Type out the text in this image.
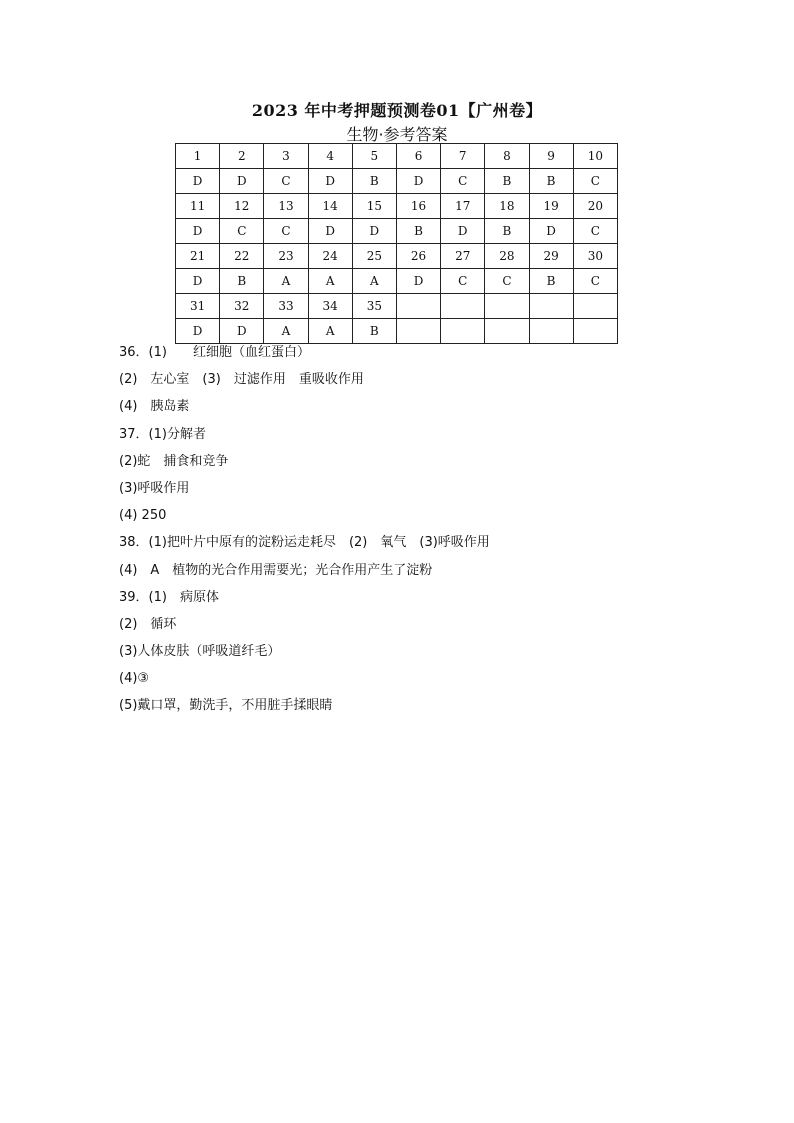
2023 年中考押题预测卷01【广州卷】
生物·参考答案
1	2	3	4	5	6	7	8	9	10
D	D	C	D	B	D	C	B	B	C
11	12	13	14	15	16	17	18	19	20
D	C	C	D	D	B	D	B	D	C
21	22	23	24	25	26	27	28	29	30
D	B	A	A	A	D	C	C	B	C
31	32	33	34	35					
D	D	A	A	B					
36．(1)　　红细胞（血红蛋白）
(2)　左心室　(3)　过滤作用　重吸收作用
(4)　胰岛素
37．(1)分解者
(2)蛇　捕食和竞争
(3)呼吸作用
(4) 250
38．(1)把叶片中原有的淀粉运走耗尽　(2)　氧气　(3)呼吸作用
(4)　A　植物的光合作用需要光；光合作用产生了淀粉
39．(1)　病原体
(2)　循环
(3)人体皮肤（呼吸道纤毛）
(4)③
(5)戴口罩，勤洗手，不用脏手揉眼睛
